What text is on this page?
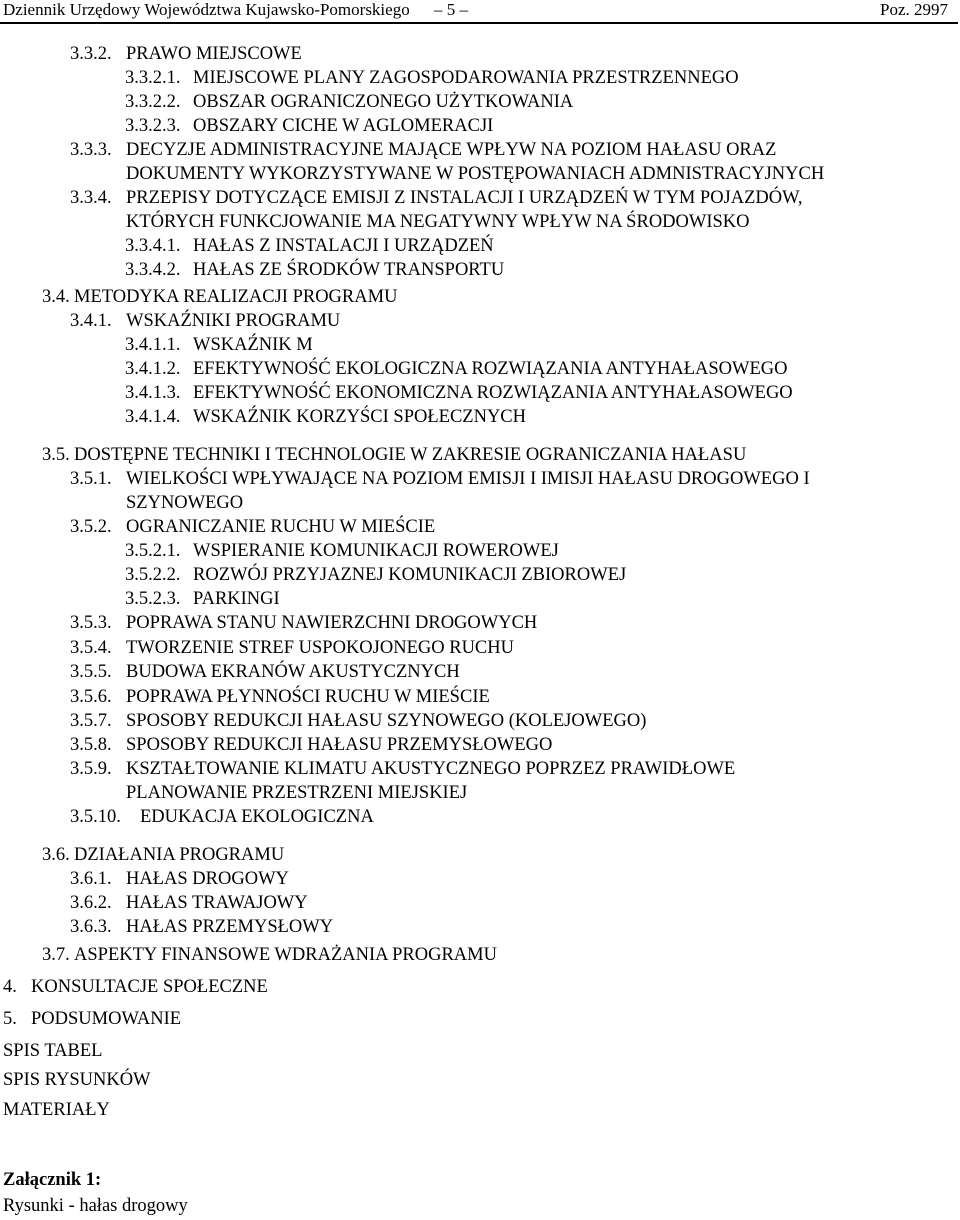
Dziennik Urzędowy Województwa Kujawsko-Pomorskiego – 5 –	Poz. 2997
3.3.2. PRAWO MIEJSCOWE
3.3.2.1. MIEJSCOWE PLANY ZAGOSPODAROWANIA PRZESTRZENNEGO
3.3.2.2. OBSZAR OGRANICZONEGO UŻYTKOWANIA
3.3.2.3. OBSZARY CICHE W AGLOMERACJI
3.3.3. DECYZJE ADMINISTRACYJNE MAJĄCE WPŁYW NA POZIOM HAŁASU ORAZ
DOKUMENTY WYKORZYSTYWANE W POSTĘPOWANIACH ADMNISTRACYJNYCH
3.3.4. PRZEPISY DOTYCZĄCE EMISJI Z INSTALACJI I URZĄDZEŃ W TYM POJAZDÓW,
KTÓRYCH FUNKCJOWANIE MA NEGATYWNY WPŁYW NA ŚRODOWISKO
3.3.4.1. HAŁAS Z INSTALACJI I URZĄDZEŃ
3.3.4.2. HAŁAS ZE ŚRODKÓW TRANSPORTU
3.4. METODYKA REALIZACJI PROGRAMU
3.4.1. WSKAŹNIKI PROGRAMU
3.4.1.1. WSKAŹNIK M
3.4.1.2. EFEKTYWNOŚĆ EKOLOGICZNA ROZWIĄZANIA ANTYHAŁASOWEGO
3.4.1.3. EFEKTYWNOŚĆ EKONOMICZNA ROZWIĄZANIA ANTYHAŁASOWEGO
3.4.1.4. WSKAŹNIK KORZYŚCI SPOŁECZNYCH
3.5. DOSTĘPNE TECHNIKI I TECHNOLOGIE W ZAKRESIE OGRANICZANIA HAŁASU
3.5.1. WIELKOŚCI WPŁYWAJĄCE NA POZIOM EMISJI I IMISJI HAŁASU DROGOWEGO I
SZYNOWEGO
3.5.2. OGRANICZANIE RUCHU W MIEŚCIE
3.5.2.1. WSPIERANIE KOMUNIKACJI ROWEROWEJ
3.5.2.2. ROZWÓJ PRZYJAZNEJ KOMUNIKACJI ZBIOROWEJ
3.5.2.3. PARKINGI
3.5.3. POPRAWA STANU NAWIERZCHNI DROGOWYCH
3.5.4. TWORZENIE STREF USPOKOJONEGO RUCHU
3.5.5. BUDOWA EKRANÓW AKUSTYCZNYCH
3.5.6. POPRAWA PŁYNNOŚCI RUCHU W MIEŚCIE
3.5.7. SPOSOBY REDUKCJI HAŁASU SZYNOWEGO (KOLEJOWEGO)
3.5.8. SPOSOBY REDUKCJI HAŁASU PRZEMYSŁOWEGO
3.5.9. KSZTAŁTOWANIE KLIMATU AKUSTYCZNEGO POPRZEZ PRAWIDŁOWE
PLANOWANIE PRZESTRZENI MIEJSKIEJ
3.5.10. EDUKACJA EKOLOGICZNA
3.6. DZIAŁANIA PROGRAMU
3.6.1. HAŁAS DROGOWY
3.6.2. HAŁAS TRAWAJOWY
3.6.3. HAŁAS PRZEMYSŁOWY
3.7. ASPEKTY FINANSOWE WDRAŻANIA PROGRAMU
4. KONSULTACJE SPOŁECZNE
5. PODSUMOWANIE
SPIS TABEL
SPIS RYSUNKÓW
MATERIAŁY
Załącznik 1:
Rysunki - hałas drogowy
